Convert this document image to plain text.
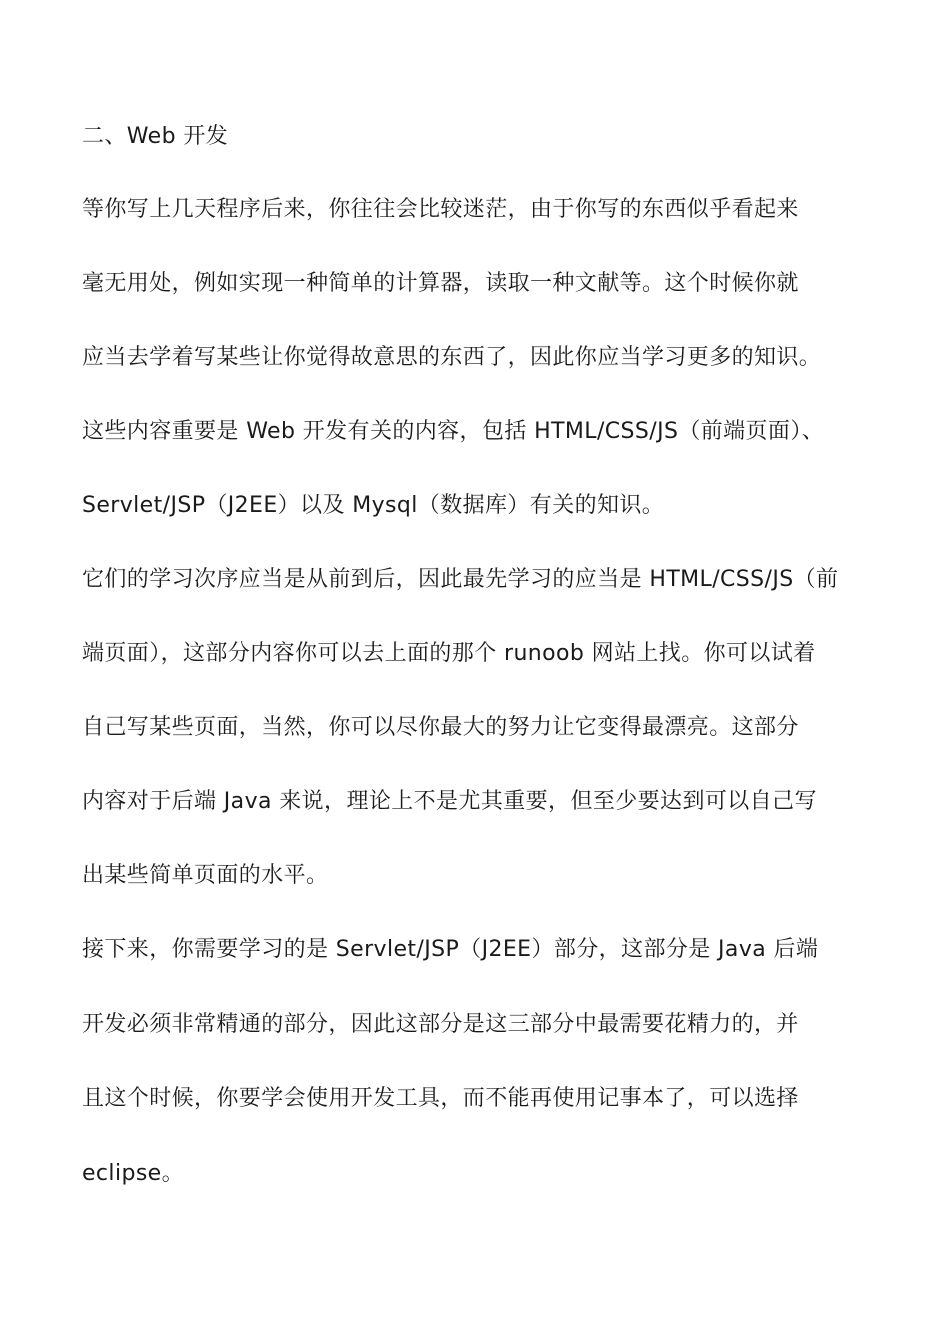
二、Web 开发
等你写上几天程序后来，你往往会比较迷茫，由于你写的东西似乎看起来
毫无用处，例如实现一种简单的计算器，读取一种文献等。这个时候你就
应当去学着写某些让你觉得故意思的东西了，因此你应当学习更多的知识。
这些内容重要是 Web 开发有关的内容，包括 HTML/CSS/JS（前端页面）、
Servlet/JSP（J2EE）以及 Mysql（数据库）有关的知识。
它们的学习次序应当是从前到后，因此最先学习的应当是 HTML/CSS/JS（前
端页面），这部分内容你可以去上面的那个 runoob 网站上找。你可以试着
自己写某些页面，当然，你可以尽你最大的努力让它变得最漂亮。这部分
内容对于后端 Java 来说，理论上不是尤其重要，但至少要达到可以自己写
出某些简单页面的水平。
接下来，你需要学习的是 Servlet/JSP（J2EE）部分，这部分是 Java 后端
开发必须非常精通的部分，因此这部分是这三部分中最需要花精力的，并
且这个时候，你要学会使用开发工具，而不能再使用记事本了，可以选择
eclipse。
